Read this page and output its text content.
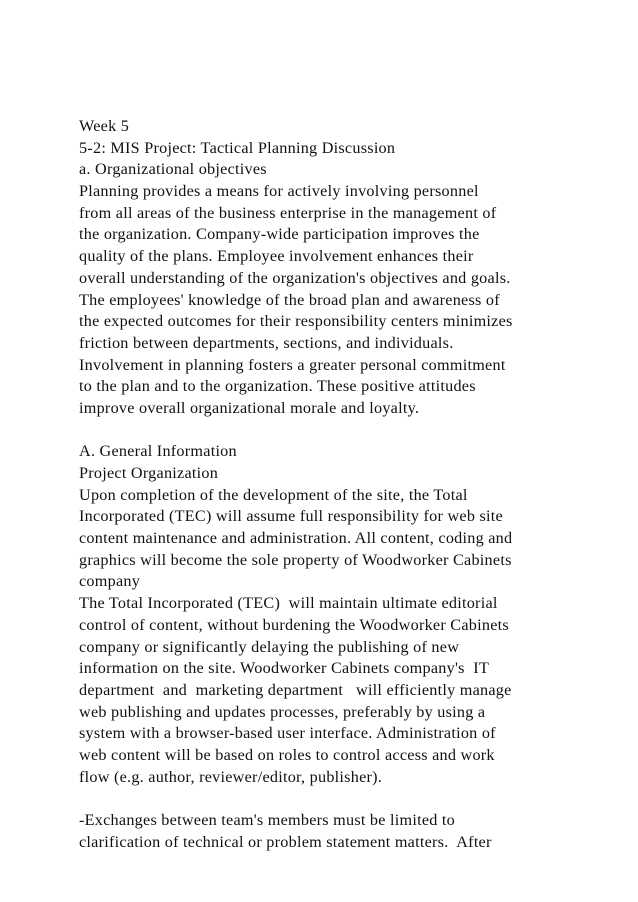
Week 5
5-2: MIS Project: Tactical Planning Discussion
a. Organizational objectives
Planning provides a means for actively involving personnel
from all areas of the business enterprise in the management of
the organization. Company-wide participation improves the
quality of the plans. Employee involvement enhances their
overall understanding of the organization's objectives and goals.
The employees' knowledge of the broad plan and awareness of
the expected outcomes for their responsibility centers minimizes
friction between departments, sections, and individuals.
Involvement in planning fosters a greater personal commitment
to the plan and to the organization. These positive attitudes
improve overall organizational morale and loyalty.
A. General Information
Project Organization
Upon completion of the development of the site, the Total
Incorporated (TEC) will assume full responsibility for web site
content maintenance and administration. All content, coding and
graphics will become the sole property of Woodworker Cabinets
company
The Total Incorporated (TEC)  will maintain ultimate editorial
control of content, without burdening the Woodworker Cabinets
company or significantly delaying the publishing of new
information on the site. Woodworker Cabinets company's  IT
department  and  marketing department   will efficiently manage
web publishing and updates processes, preferably by using a
system with a browser-based user interface. Administration of
web content will be based on roles to control access and work
flow (e.g. author, reviewer/editor, publisher).
-Exchanges between team's members must be limited to
clarification of technical or problem statement matters.  After
